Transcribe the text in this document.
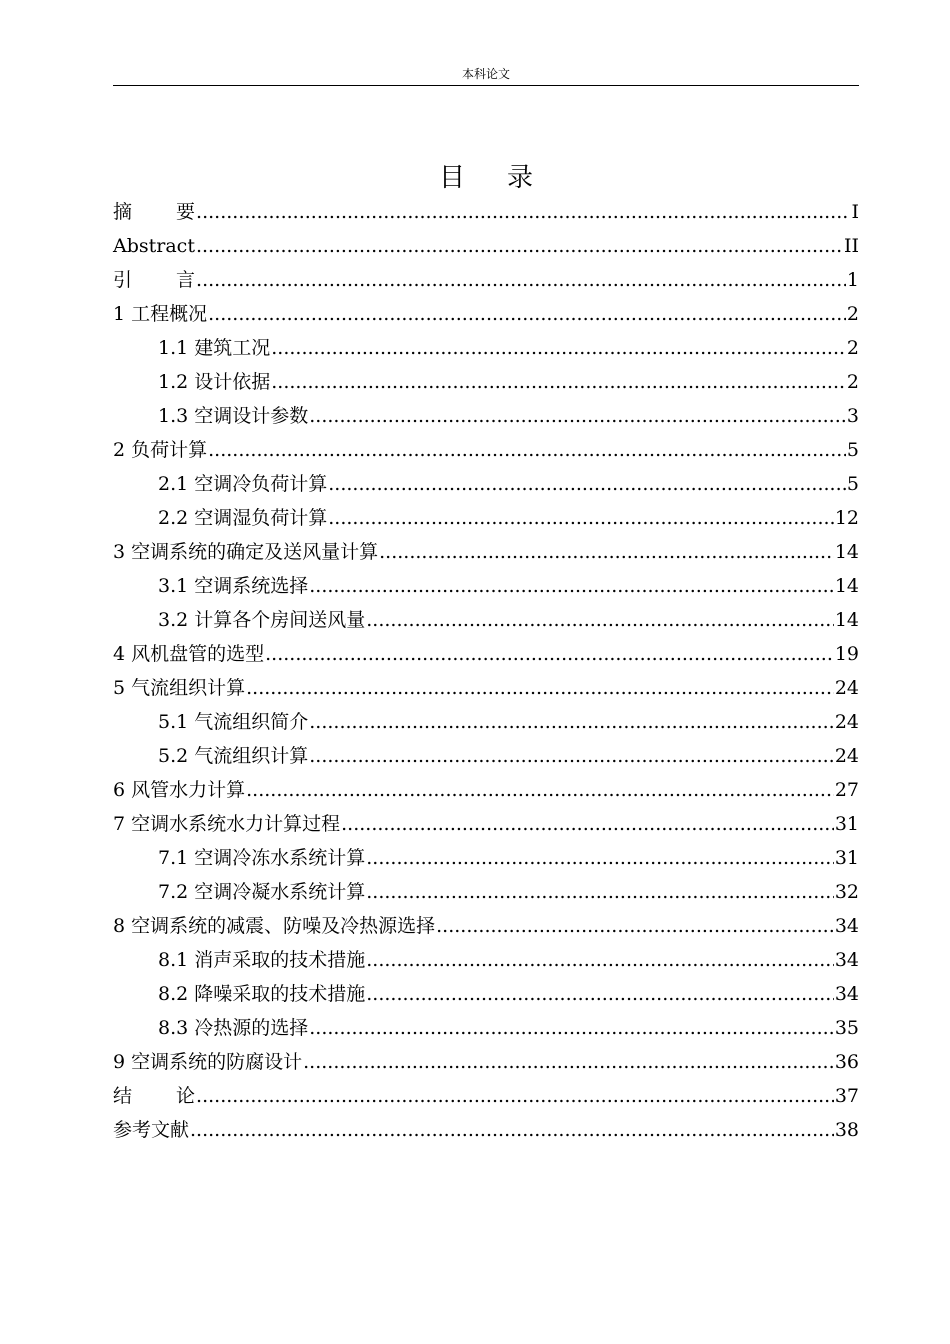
本科论文
目录
摘要 .....	I
Abstract .....	II
引言 .....	1
1 工程概况 .....	2
1.1 建筑工况 .....	2
1.2 设计依据 .....	2
1.3 空调设计参数 .....	3
2 负荷计算 .....	5
2.1 空调冷负荷计算 .....	5
2.2 空调湿负荷计算 .....	12
3 空调系统的确定及送风量计算 .....	14
3.1 空调系统选择 .....	14
3.2 计算各个房间送风量 .....	14
4 风机盘管的选型 .....	19
5 气流组织计算 .....	24
5.1 气流组织简介 .....	24
5.2 气流组织计算 .....	24
6 风管水力计算 .....	27
7 空调水系统水力计算过程 .....	31
7.1 空调冷冻水系统计算 .....	31
7.2 空调冷凝水系统计算 .....	32
8 空调系统的减震、防噪及冷热源选择 .....	34
8.1 消声采取的技术措施 .....	34
8.2 降噪采取的技术措施 .....	34
8.3 冷热源的选择 .....	35
9 空调系统的防腐设计 .....	36
结论 .....	37
参考文献 .....	38
